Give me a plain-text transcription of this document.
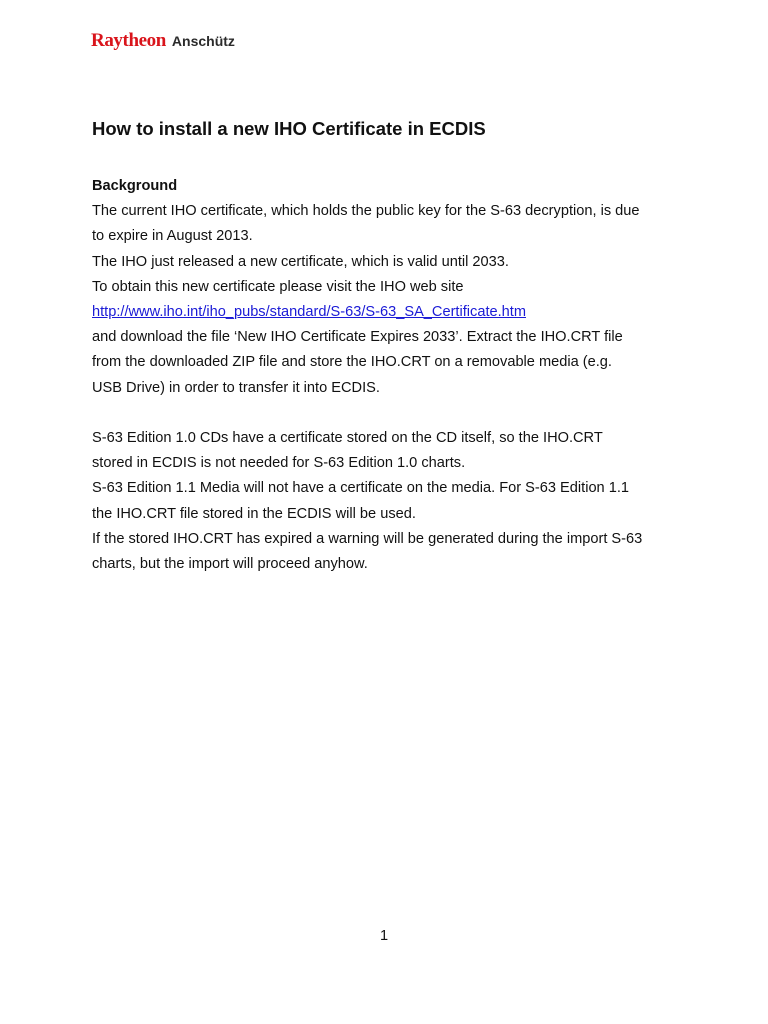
Raytheon Anschütz
How to install a new IHO Certificate in ECDIS
Background
The current IHO certificate, which holds the public key for the S-63 decryption, is due
to expire in August 2013.
The IHO just released a new certificate, which is valid until 2033.
To obtain this new certificate please visit the IHO web site
http://www.iho.int/iho_pubs/standard/S-63/S-63_SA_Certificate.htm
and download the file ‘New IHO Certificate Expires 2033’. Extract the IHO.CRT file
from the downloaded ZIP file and store the IHO.CRT on a removable media (e.g.
USB Drive) in order to transfer it into ECDIS.
S-63 Edition 1.0 CDs have a certificate stored on the CD itself, so the IHO.CRT
stored in ECDIS is not needed for S-63 Edition 1.0 charts.
S-63 Edition 1.1 Media will not have a certificate on the media. For S-63 Edition 1.1
the IHO.CRT file stored in the ECDIS will be used.
If the stored IHO.CRT has expired a warning will be generated during the import S-63
charts, but the import will proceed anyhow.
1
